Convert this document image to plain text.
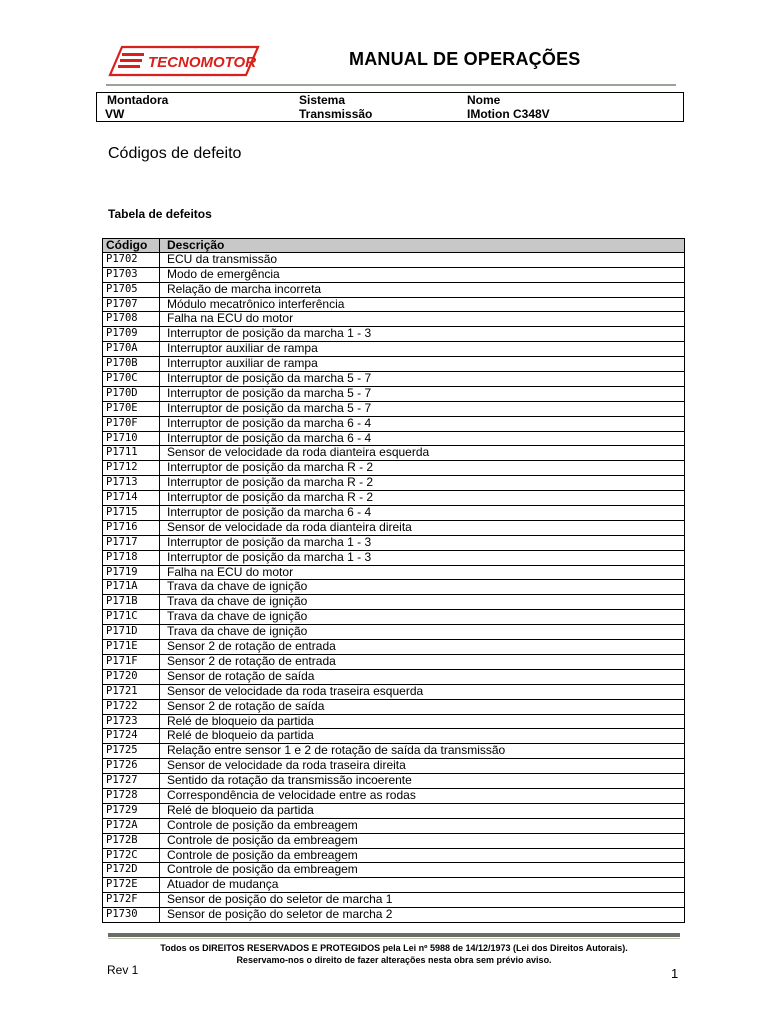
TECNOMOTOR	MANUAL DE OPERAÇÕES
Montadora	Sistema	Nome
VW	Transmissão	IMotion C348V
Códigos de defeito
Tabela de defeitos
Código	Descrição
P1702	ECU da transmissão
P1703	Modo de emergência
P1705	Relação de marcha incorreta
P1707	Módulo mecatrônico interferência
P1708	Falha na ECU do motor
P1709	Interruptor de posição da marcha 1 - 3
P170A	Interruptor auxiliar de rampa
P170B	Interruptor auxiliar de rampa
P170C	Interruptor de posição da marcha 5 - 7
P170D	Interruptor de posição da marcha 5 - 7
P170E	Interruptor de posição da marcha 5 - 7
P170F	Interruptor de posição da marcha 6 - 4
P1710	Interruptor de posição da marcha 6 - 4
P1711	Sensor de velocidade da roda dianteira esquerda
P1712	Interruptor de posição da marcha R - 2
P1713	Interruptor de posição da marcha R - 2
P1714	Interruptor de posição da marcha R - 2
P1715	Interruptor de posição da marcha 6 - 4
P1716	Sensor de velocidade da roda dianteira direita
P1717	Interruptor de posição da marcha 1 - 3
P1718	Interruptor de posição da marcha 1 - 3
P1719	Falha na ECU do motor
P171A	Trava da chave de ignição
P171B	Trava da chave de ignição
P171C	Trava da chave de ignição
P171D	Trava da chave de ignição
P171E	Sensor 2 de rotação de entrada
P171F	Sensor 2 de rotação de entrada
P1720	Sensor de rotação de saída
P1721	Sensor de velocidade da roda traseira esquerda
P1722	Sensor 2 de rotação de saída
P1723	Relé de bloqueio da partida
P1724	Relé de bloqueio da partida
P1725	Relação entre sensor 1 e 2 de rotação de saída da transmissão
P1726	Sensor de velocidade da roda traseira direita
P1727	Sentido da rotação da transmissão incoerente
P1728	Correspondência de velocidade entre as rodas
P1729	Relé de bloqueio da partida
P172A	Controle de posição da embreagem
P172B	Controle de posição da embreagem
P172C	Controle de posição da embreagem
P172D	Controle de posição da embreagem
P172E	Atuador de mudança
P172F	Sensor de posição do seletor de marcha 1
P1730	Sensor de posição do seletor de marcha 2
Todos os DIREITOS RESERVADOS E PROTEGIDOS pela Lei nº 5988 de 14/12/1973 (Lei dos Direitos Autorais).
Reservamo-nos o direito de fazer alterações nesta obra sem prévio aviso.
Rev 1	1
